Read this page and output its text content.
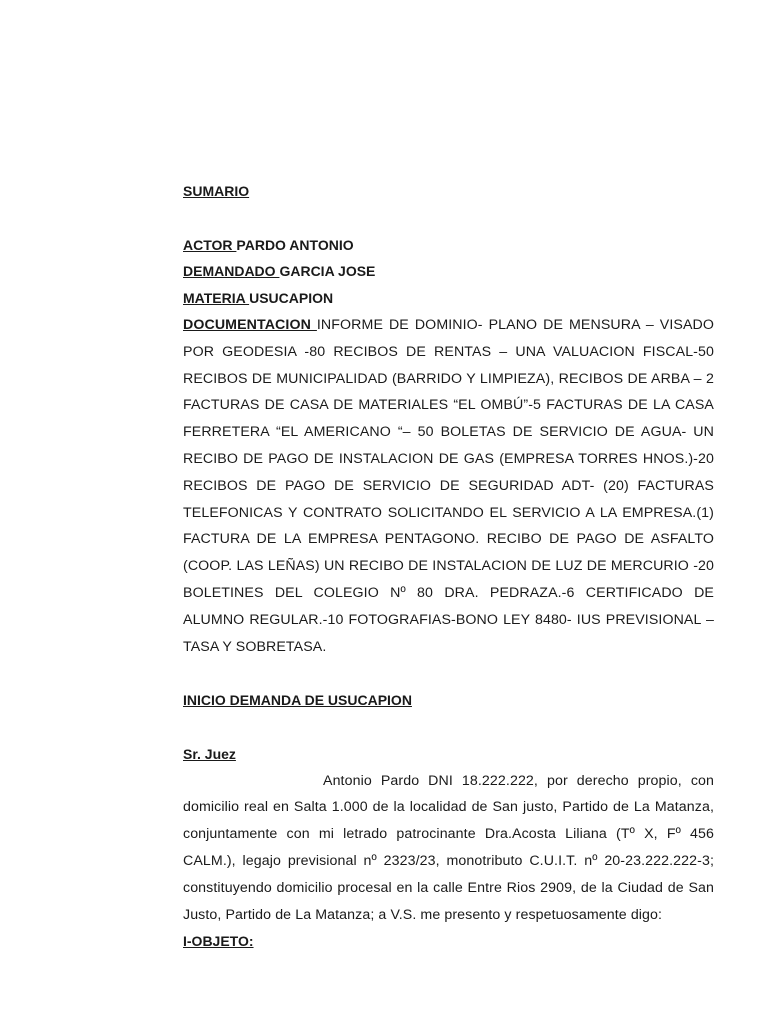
SUMARIO
ACTOR PARDO ANTONIO
DEMANDADO GARCIA JOSE
MATERIA USUCAPION
DOCUMENTACION INFORME DE DOMINIO- PLANO DE MENSURA – VISADO POR GEODESIA -80 RECIBOS DE RENTAS – UNA VALUACION FISCAL-50 RECIBOS DE MUNICIPALIDAD (BARRIDO Y LIMPIEZA), RECIBOS DE ARBA – 2 FACTURAS DE CASA DE MATERIALES “EL OMBÚ”-5 FACTURAS DE LA CASA FERRETERA “EL AMERICANO “– 50 BOLETAS DE SERVICIO DE AGUA- UN RECIBO DE PAGO DE INSTALACION DE GAS (EMPRESA TORRES HNOS.)-20 RECIBOS DE PAGO DE SERVICIO DE SEGURIDAD ADT- (20) FACTURAS TELEFONICAS Y CONTRATO SOLICITANDO EL SERVICIO A LA EMPRESA.(1) FACTURA DE LA EMPRESA PENTAGONO. RECIBO DE PAGO DE ASFALTO (COOP. LAS LEÑAS) UN RECIBO DE INSTALACION DE LUZ DE MERCURIO -20 BOLETINES DEL COLEGIO Nº 80 DRA. PEDRAZA.-6 CERTIFICADO DE ALUMNO REGULAR.-10 FOTOGRAFIAS-BONO LEY 8480- IUS PREVISIONAL – TASA Y SOBRETASA.
INICIO DEMANDA DE USUCAPION
Sr. Juez
Antonio Pardo DNI 18.222.222, por derecho propio, con domicilio real en Salta 1.000 de la localidad de San justo, Partido de La Matanza, conjuntamente con mi letrado patrocinante Dra.Acosta Liliana (Tº X, Fº 456 CALM.), legajo previsional nº 2323/23, monotributo C.U.I.T. nº 20-23.222.222-3; constituyendo domicilio procesal en la calle Entre Rios 2909, de la Ciudad de San Justo, Partido de La Matanza; a V.S. me presento y respetuosamente digo:
I-OBJETO:
